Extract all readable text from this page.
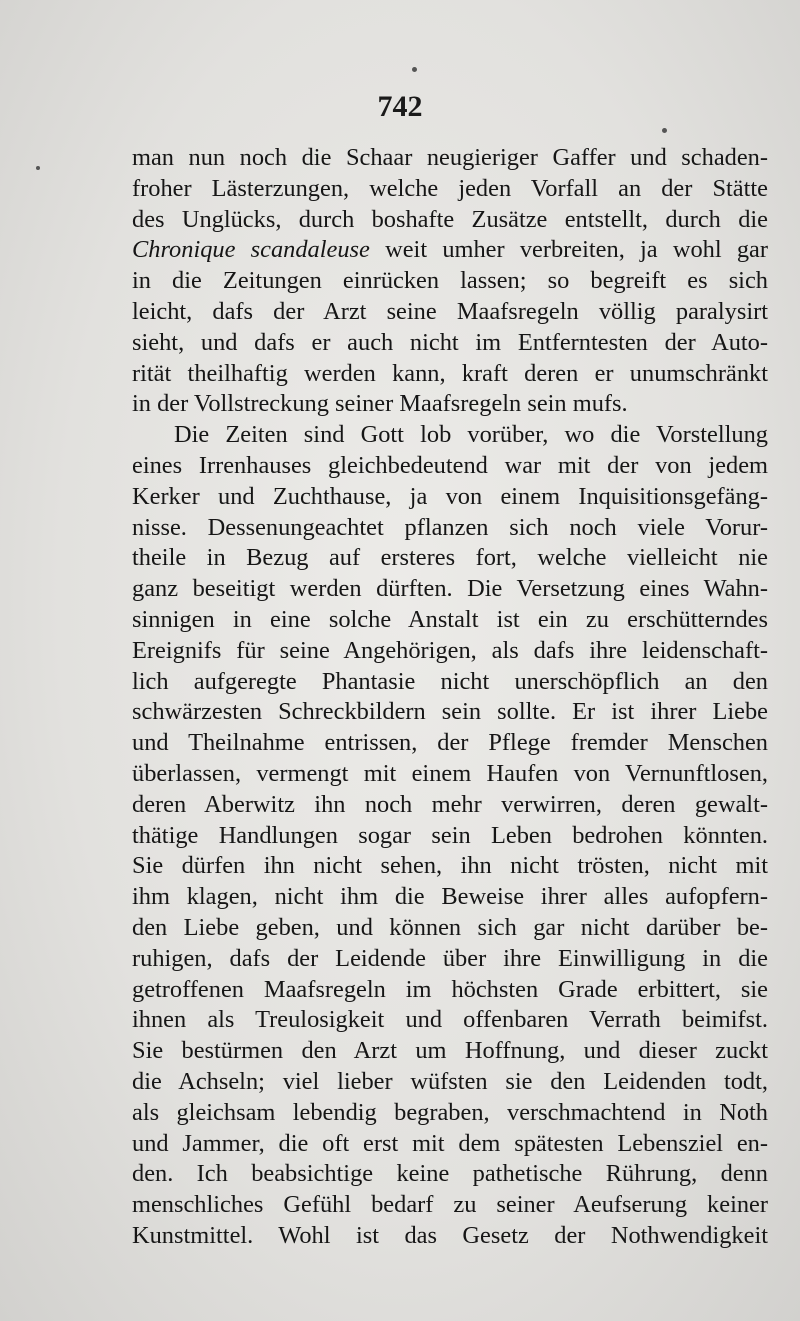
742
man nun noch die Schaar neugieriger Gaffer und schaden-
froher Lästerzungen, welche jeden Vorfall an der Stätte
des Unglücks, durch boshafte Zusätze entstellt, durch die
Chronique scandaleuse weit umher verbreiten, ja wohl gar
in die Zeitungen einrücken lassen; so begreift es sich
leicht, dafs der Arzt seine Maafsregeln völlig paralysirt
sieht, und dafs er auch nicht im Entferntesten der Auto-
rität theilhaftig werden kann, kraft deren er unumschränkt
in der Vollstreckung seiner Maafsregeln sein mufs.
Die Zeiten sind Gott lob vorüber, wo die Vorstellung
eines Irrenhauses gleichbedeutend war mit der von jedem
Kerker und Zuchthause, ja von einem Inquisitionsgefäng-
nisse. Dessenungeachtet pflanzen sich noch viele Vorur-
theile in Bezug auf ersteres fort, welche vielleicht nie
ganz beseitigt werden dürften. Die Versetzung eines Wahn-
sinnigen in eine solche Anstalt ist ein zu erschütterndes
Ereignifs für seine Angehörigen, als dafs ihre leidenschaft-
lich aufgeregte Phantasie nicht unerschöpflich an den
schwärzesten Schreckbildern sein sollte. Er ist ihrer Liebe
und Theilnahme entrissen, der Pflege fremder Menschen
überlassen, vermengt mit einem Haufen von Vernunftlosen,
deren Aberwitz ihn noch mehr verwirren, deren gewalt-
thätige Handlungen sogar sein Leben bedrohen könnten.
Sie dürfen ihn nicht sehen, ihn nicht trösten, nicht mit
ihm klagen, nicht ihm die Beweise ihrer alles aufopfern-
den Liebe geben, und können sich gar nicht darüber be-
ruhigen, dafs der Leidende über ihre Einwilligung in die
getroffenen Maafsregeln im höchsten Grade erbittert, sie
ihnen als Treulosigkeit und offenbaren Verrath beimifst.
Sie bestürmen den Arzt um Hoffnung, und dieser zuckt
die Achseln; viel lieber wüfsten sie den Leidenden todt,
als gleichsam lebendig begraben, verschmachtend in Noth
und Jammer, die oft erst mit dem spätesten Lebensziel en-
den. Ich beabsichtige keine pathetische Rührung, denn
menschliches Gefühl bedarf zu seiner Aeufserung keiner
Kunstmittel. Wohl ist das Gesetz der Nothwendigkeit
